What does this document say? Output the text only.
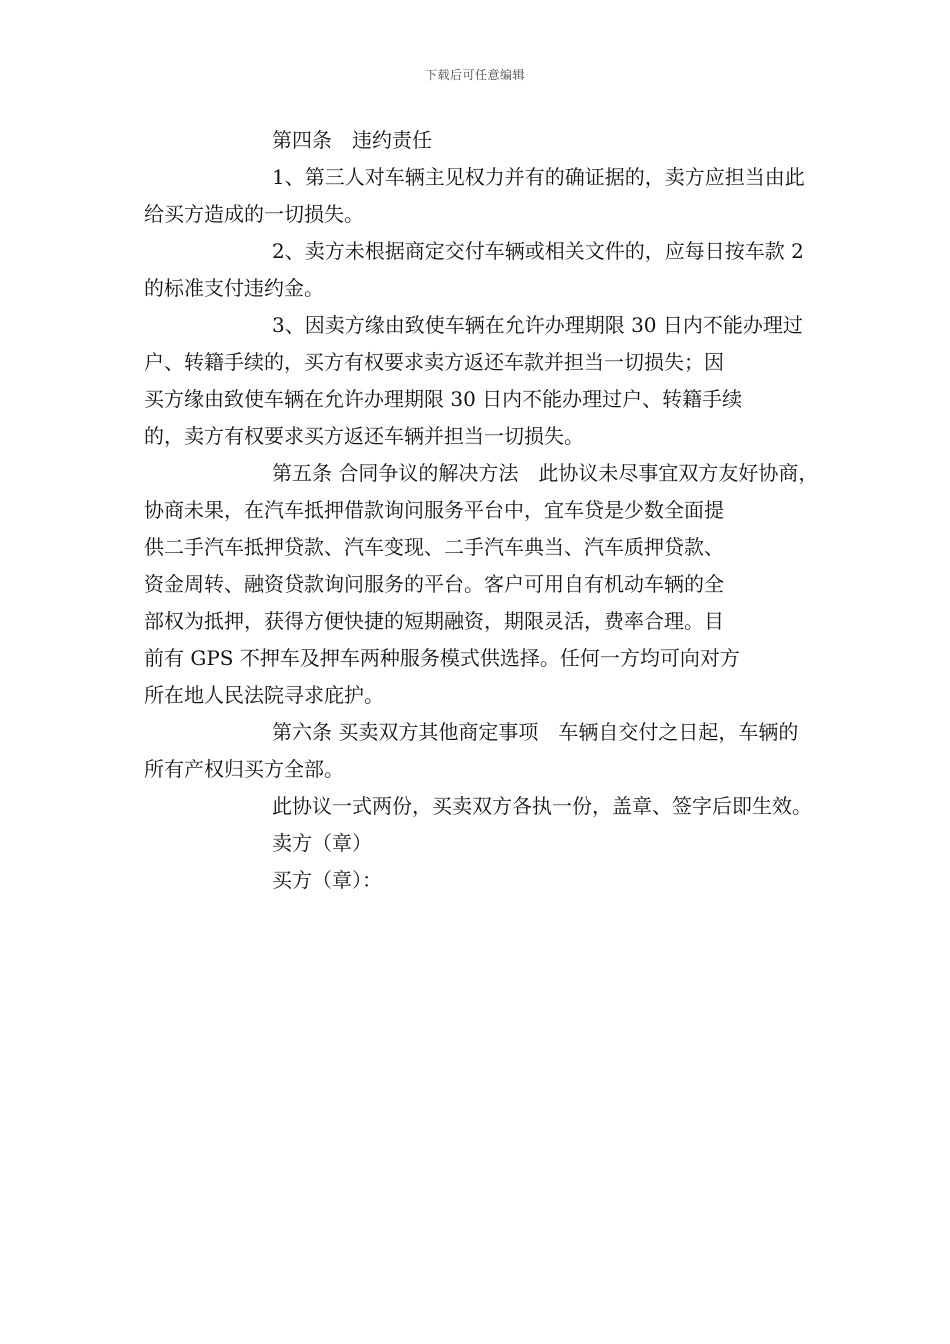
下载后可任意编辑
第四条　违约责任
1、第三人对车辆主见权力并有的确证据的，卖方应担当由此
给买方造成的一切损失。
2、卖方未根据商定交付车辆或相关文件的，应每日按车款 2
的标准支付违约金。
3、因卖方缘由致使车辆在允许办理期限 30 日内不能办理过
户、转籍手续的，买方有权要求卖方返还车款并担当一切损失；因
买方缘由致使车辆在允许办理期限 30 日内不能办理过户、转籍手续
的，卖方有权要求买方返还车辆并担当一切损失。
第五条 合同争议的解决方法　此协议未尽事宜双方友好协商，
协商未果，在汽车抵押借款询问服务平台中，宜车贷是少数全面提
供二手汽车抵押贷款、汽车变现、二手汽车典当、汽车质押贷款、
资金周转、融资贷款询问服务的平台。客户可用自有机动车辆的全
部权为抵押，获得方便快捷的短期融资，期限灵活，费率合理。目
前有 GPS 不押车及押车两种服务模式供选择。任何一方均可向对方
所在地人民法院寻求庇护。
第六条 买卖双方其他商定事项　车辆自交付之日起，车辆的
所有产权归买方全部。
此协议一式两份，买卖双方各执一份，盖章、签字后即生效。
卖方（章）
买方（章）：
